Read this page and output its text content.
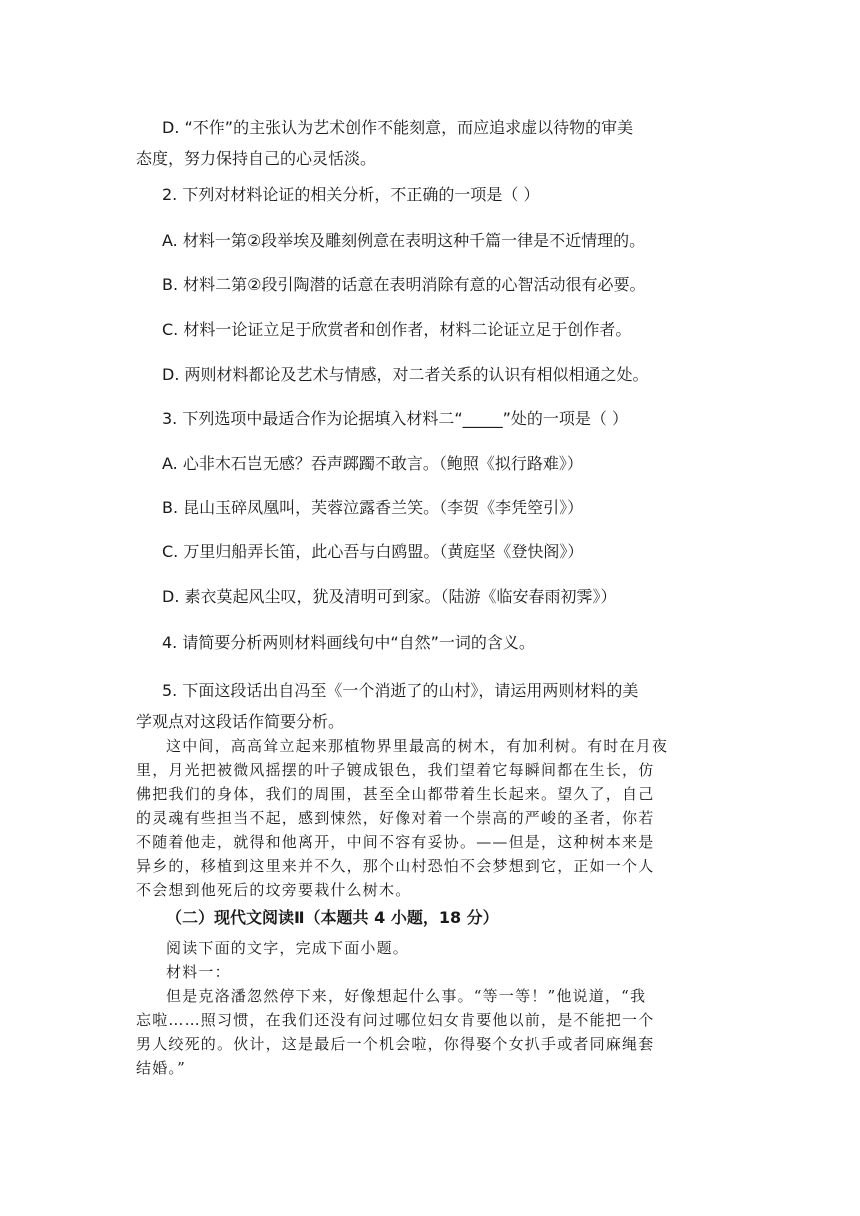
D. “不作”的主张认为艺术创作不能刻意，而应追求虚以待物的审美
态度，努力保持自己的心灵恬淡。
2. 下列对材料论证的相关分析，不正确的一项是（ ）
A. 材料一第②段举埃及雕刻例意在表明这种千篇一律是不近情理的。
B. 材料二第②段引陶潜的话意在表明消除有意的心智活动很有必要。
C. 材料一论证立足于欣赏者和创作者，材料二论证立足于创作者。
D. 两则材料都论及艺术与情感，对二者关系的认识有相似相通之处。
3. 下列选项中最适合作为论据填入材料二“_____”处的一项是（ ）
A. 心非木石岂无感？吞声踯躅不敢言。（鲍照《拟行路难》）
B. 昆山玉碎凤凰叫，芙蓉泣露香兰笑。（李贺《李凭箜引》）
C. 万里归船弄长笛，此心吾与白鸥盟。（黄庭坚《登快阁》）
D. 素衣莫起风尘叹，犹及清明可到家。（陆游《临安春雨初霁》）
4. 请简要分析两则材料画线句中“自然”一词的含义。
5. 下面这段话出自冯至《一个消逝了的山村》，请运用两则材料的美
学观点对这段话作简要分析。
这中间，高高耸立起来那植物界里最高的树木，有加利树。有时在月夜
里，月光把被微风摇摆的叶子镀成银色，我们望着它每瞬间都在生长，仿
佛把我们的身体，我们的周围，甚至全山都带着生长起来。望久了，自己
的灵魂有些担当不起，感到悚然，好像对着一个崇高的严峻的圣者，你若
不随着他走，就得和他离开，中间不容有妥协。——但是，这种树本来是
异乡的，移植到这里来并不久，那个山村恐怕不会梦想到它，正如一个人
不会想到他死后的坟旁要栽什么树木。
（二）现代文阅读Ⅱ（本题共 4 小题，18 分）
阅读下面的文字，完成下面小题。
材料一：
但是克洛潘忽然停下来，好像想起什么事。“等一等！”他说道，“我
忘啦……照习惯，在我们还没有问过哪位妇女肯要他以前，是不能把一个
男人绞死的。伙计，这是最后一个机会啦，你得娶个女扒手或者同麻绳套
结婚。”
